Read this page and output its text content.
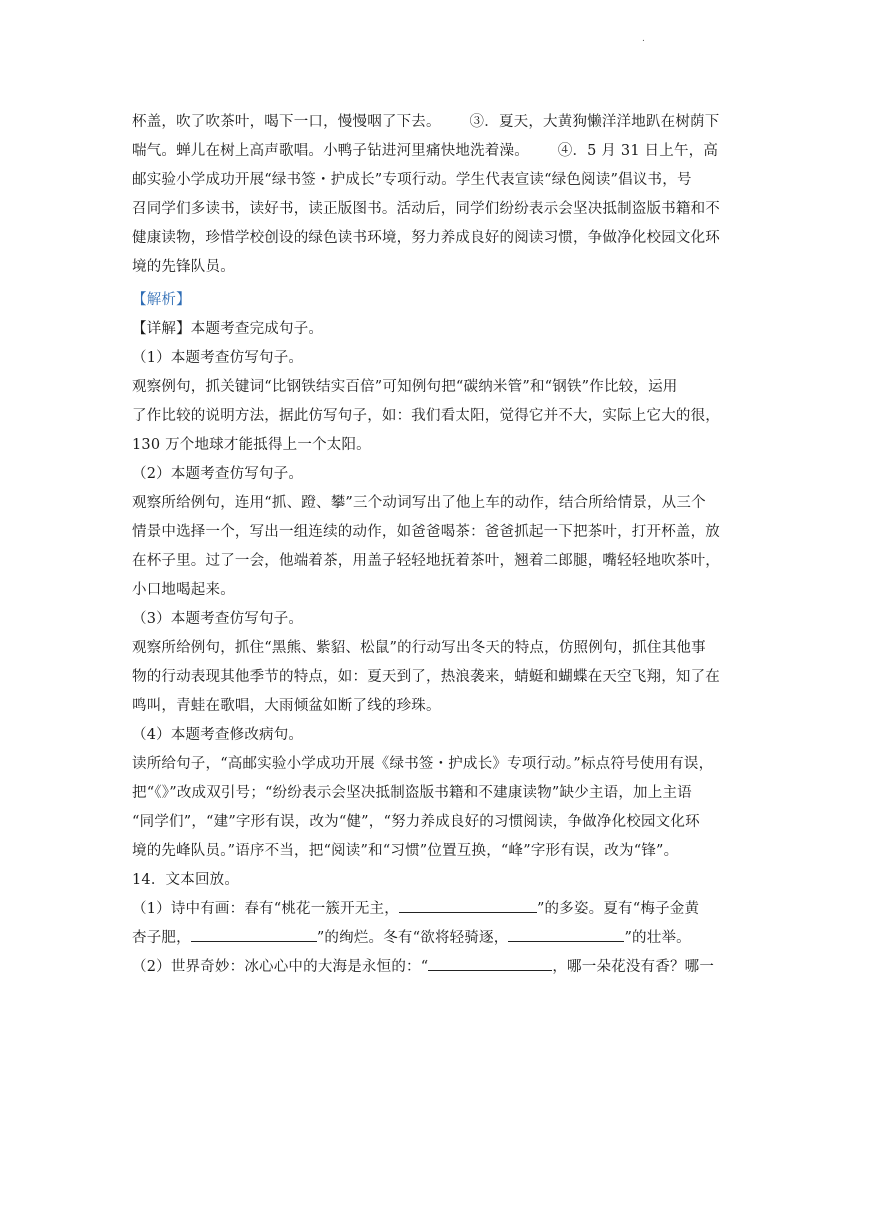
.

杯盖，吹了吹茶叶，喝下一口，慢慢咽了下去。      ③．夏天，大黄狗懒洋洋地趴在树荫下

喘气。蝉儿在树上高声歌唱。小鸭子钻进河里痛快地洗着澡。      ④．5 月 31 日上午，高

邮实验小学成功开展“绿书签・护成长”专项行动。学生代表宣读“绿色阅读”倡议书，号

召同学们多读书，读好书，读正版图书。活动后，同学们纷纷表示会坚决抵制盗版书籍和不

健康读物，珍惜学校创设的绿色读书环境，努力养成良好的阅读习惯，争做净化校园文化环

境的先锋队员。

【解析】

【详解】本题考查完成句子。

（1）本题考查仿写句子。

观察例句，抓关键词“比钢铁结实百倍”可知例句把“碳纳米管”和“钢铁”作比较，运用

了作比较的说明方法，据此仿写句子，如：我们看太阳，觉得它并不大，实际上它大的很，

130 万个地球才能抵得上一个太阳。

（2）本题考查仿写句子。

观察所给例句，连用“抓、蹬、攀”三个动词写出了他上车的动作，结合所给情景，从三个

情景中选择一个，写出一组连续的动作，如爸爸喝茶：爸爸抓起一下把茶叶，打开杯盖，放

在杯子里。过了一会，他端着茶，用盖子轻轻地抚着茶叶，翘着二郎腿，嘴轻轻地吹茶叶，

小口地喝起来。

（3）本题考查仿写句子。

观察所给例句，抓住“黑熊、紫貂、松鼠”的行动写出冬天的特点，仿照例句，抓住其他事

物的行动表现其他季节的特点，如：夏天到了，热浪袭来，蜻蜓和蝴蝶在天空飞翔，知了在

鸣叫，青蛙在歌唱，大雨倾盆如断了线的珍珠。

（4）本题考查修改病句。

读所给句子，“高邮实验小学成功开展《绿书签・护成长》专项行动。”标点符号使用有误，

把“《》”改成双引号；“纷纷表示会坚决抵制盗版书籍和不建康读物”缺少主语，加上主语

“同学们”，“建”字形有误，改为“健”，“努力养成良好的习惯阅读，争做净化校园文化环

境的先峰队员。”语序不当，把“阅读”和“习惯”位置互换，“峰”字形有误，改为“锋”。

14．文本回放。

（1）诗中有画：春有“桃花一簇开无主，	”的多姿。夏有“梅子金黄

杏子肥，	”的绚烂。冬有“欲将轻骑逐，	”的壮举。

（2）世界奇妙：冰心心中的大海是永恒的：“	，哪一朵花没有香？哪一
